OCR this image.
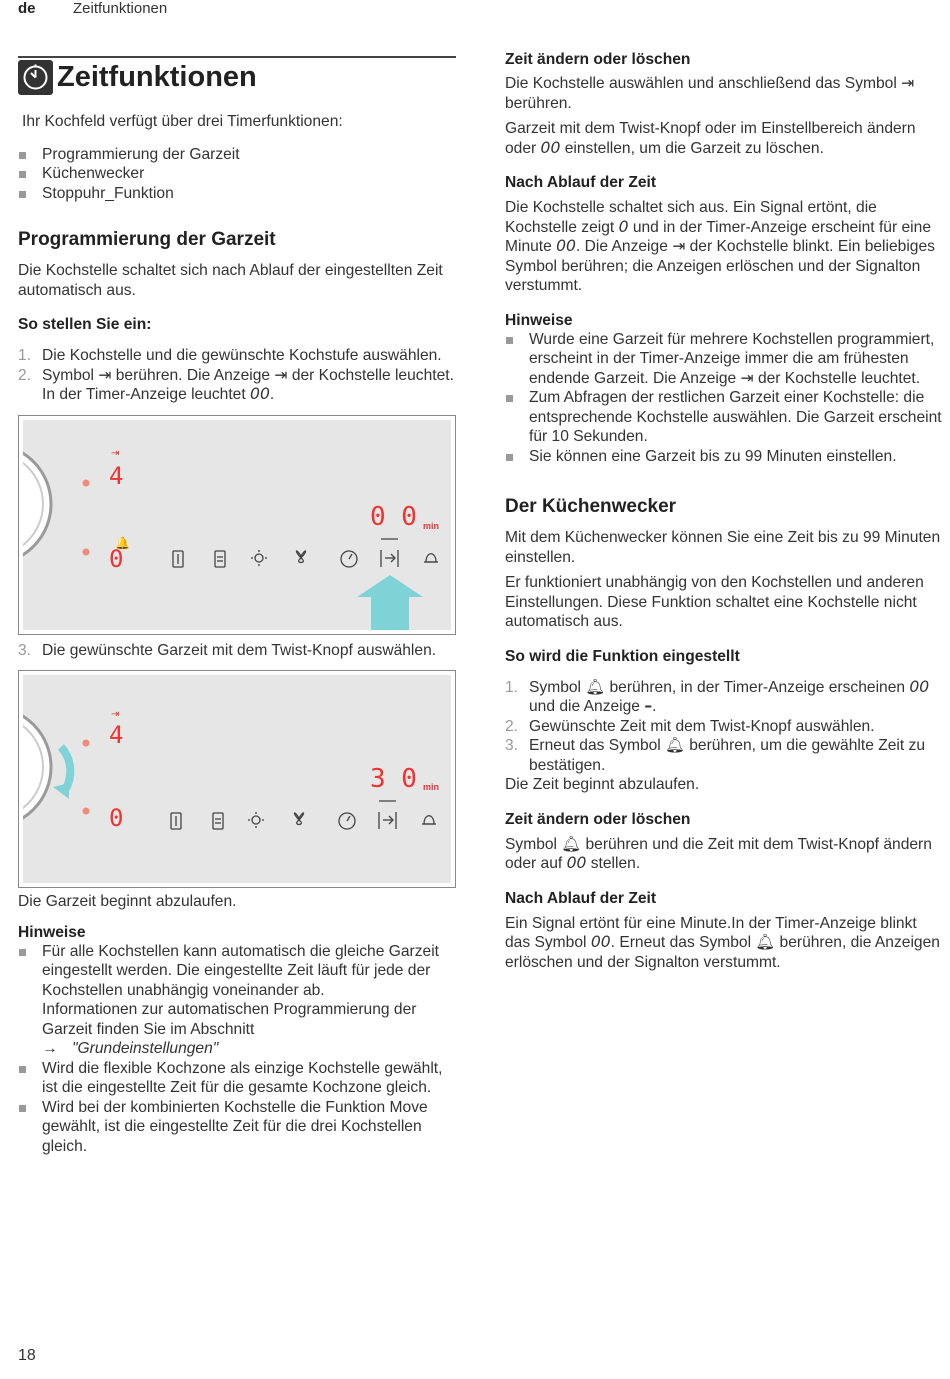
de Zeitfunktionen
Zeitfunktionen

Ihr Kochfeld verfügt über drei Timerfunktionen:

Programmierung der Garzeit
Küchenwecker
Stoppuhr_Funktion
Programmierung der Garzeit

Die Kochstelle schaltet sich nach Ablauf der eingestellten Zeit automatisch aus.

So stellen Sie ein:
1. Die Kochstelle und die gewünschte Kochstufe auswählen.
2. Symbol ⇥ berühren. Die Anzeige ⇥ der Kochstelle leuchtet. In der Timer-Anzeige leuchtet 00.
⇥
🔔
4
0
0 0 min
3. Die gewünschte Garzeit mit dem Twist-Knopf auswählen.
⇥
4
0
3 0 min

Die Garzeit beginnt abzulaufen.

Hinweise
Für alle Kochstellen kann automatisch die gleiche Garzeit eingestellt werden. Die eingestellte Zeit läuft für jede der Kochstellen unabhängig voneinander ab.
Informationen zur automatischen Programmierung der Garzeit finden Sie im Abschnitt
→ "Grundeinstellungen"
Wird die flexible Kochzone als einzige Kochstelle gewählt, ist die eingestellte Zeit für die gesamte Kochzone gleich.
Wird bei der kombinierten Kochstelle die Funktion Move gewählt, ist die eingestellte Zeit für die drei Kochstellen gleich.
Zeit ändern oder löschen

Die Kochstelle auswählen und anschließend das Symbol ⇥ berühren.

Garzeit mit dem Twist-Knopf oder im Einstellbereich ändern oder 00 einstellen, um die Garzeit zu löschen.

Nach Ablauf der Zeit

Die Kochstelle schaltet sich aus. Ein Signal ertönt, die Kochstelle zeigt 0 und in der Timer-Anzeige erscheint für eine Minute 00. Die Anzeige ⇥ der Kochstelle blinkt. Ein beliebiges Symbol berühren; die Anzeigen erlöschen und der Signalton verstummt.

Hinweise
Wurde eine Garzeit für mehrere Kochstellen programmiert, erscheint in der Timer-Anzeige immer die am frühesten endende Garzeit. Die Anzeige ⇥ der Kochstelle leuchtet.
Zum Abfragen der restlichen Garzeit einer Kochstelle: die entsprechende Kochstelle auswählen. Die Garzeit erscheint für 10 Sekunden.
Sie können eine Garzeit bis zu 99 Minuten einstellen.
Der Küchenwecker

Mit dem Küchenwecker können Sie eine Zeit bis zu 99 Minuten einstellen.

Er funktioniert unabhängig von den Kochstellen und anderen Einstellungen. Diese Funktion schaltet eine Kochstelle nicht automatisch aus.

So wird die Funktion eingestellt
1. Symbol 🔔︎ berühren, in der Timer-Anzeige erscheinen 00 und die Anzeige –.
2. Gewünschte Zeit mit dem Twist-Knopf auswählen.
3. Erneut das Symbol 🔔︎ berühren, um die gewählte Zeit zu bestätigen.

Die Zeit beginnt abzulaufen.

Zeit ändern oder löschen

Symbol 🔔︎ berühren und die Zeit mit dem Twist-Knopf ändern oder auf 00 stellen.

Nach Ablauf der Zeit

Ein Signal ertönt für eine Minute.In der Timer-Anzeige blinkt das Symbol 00. Erneut das Symbol 🔔︎ berühren, die Anzeigen erlöschen und der Signalton verstummt.

18
